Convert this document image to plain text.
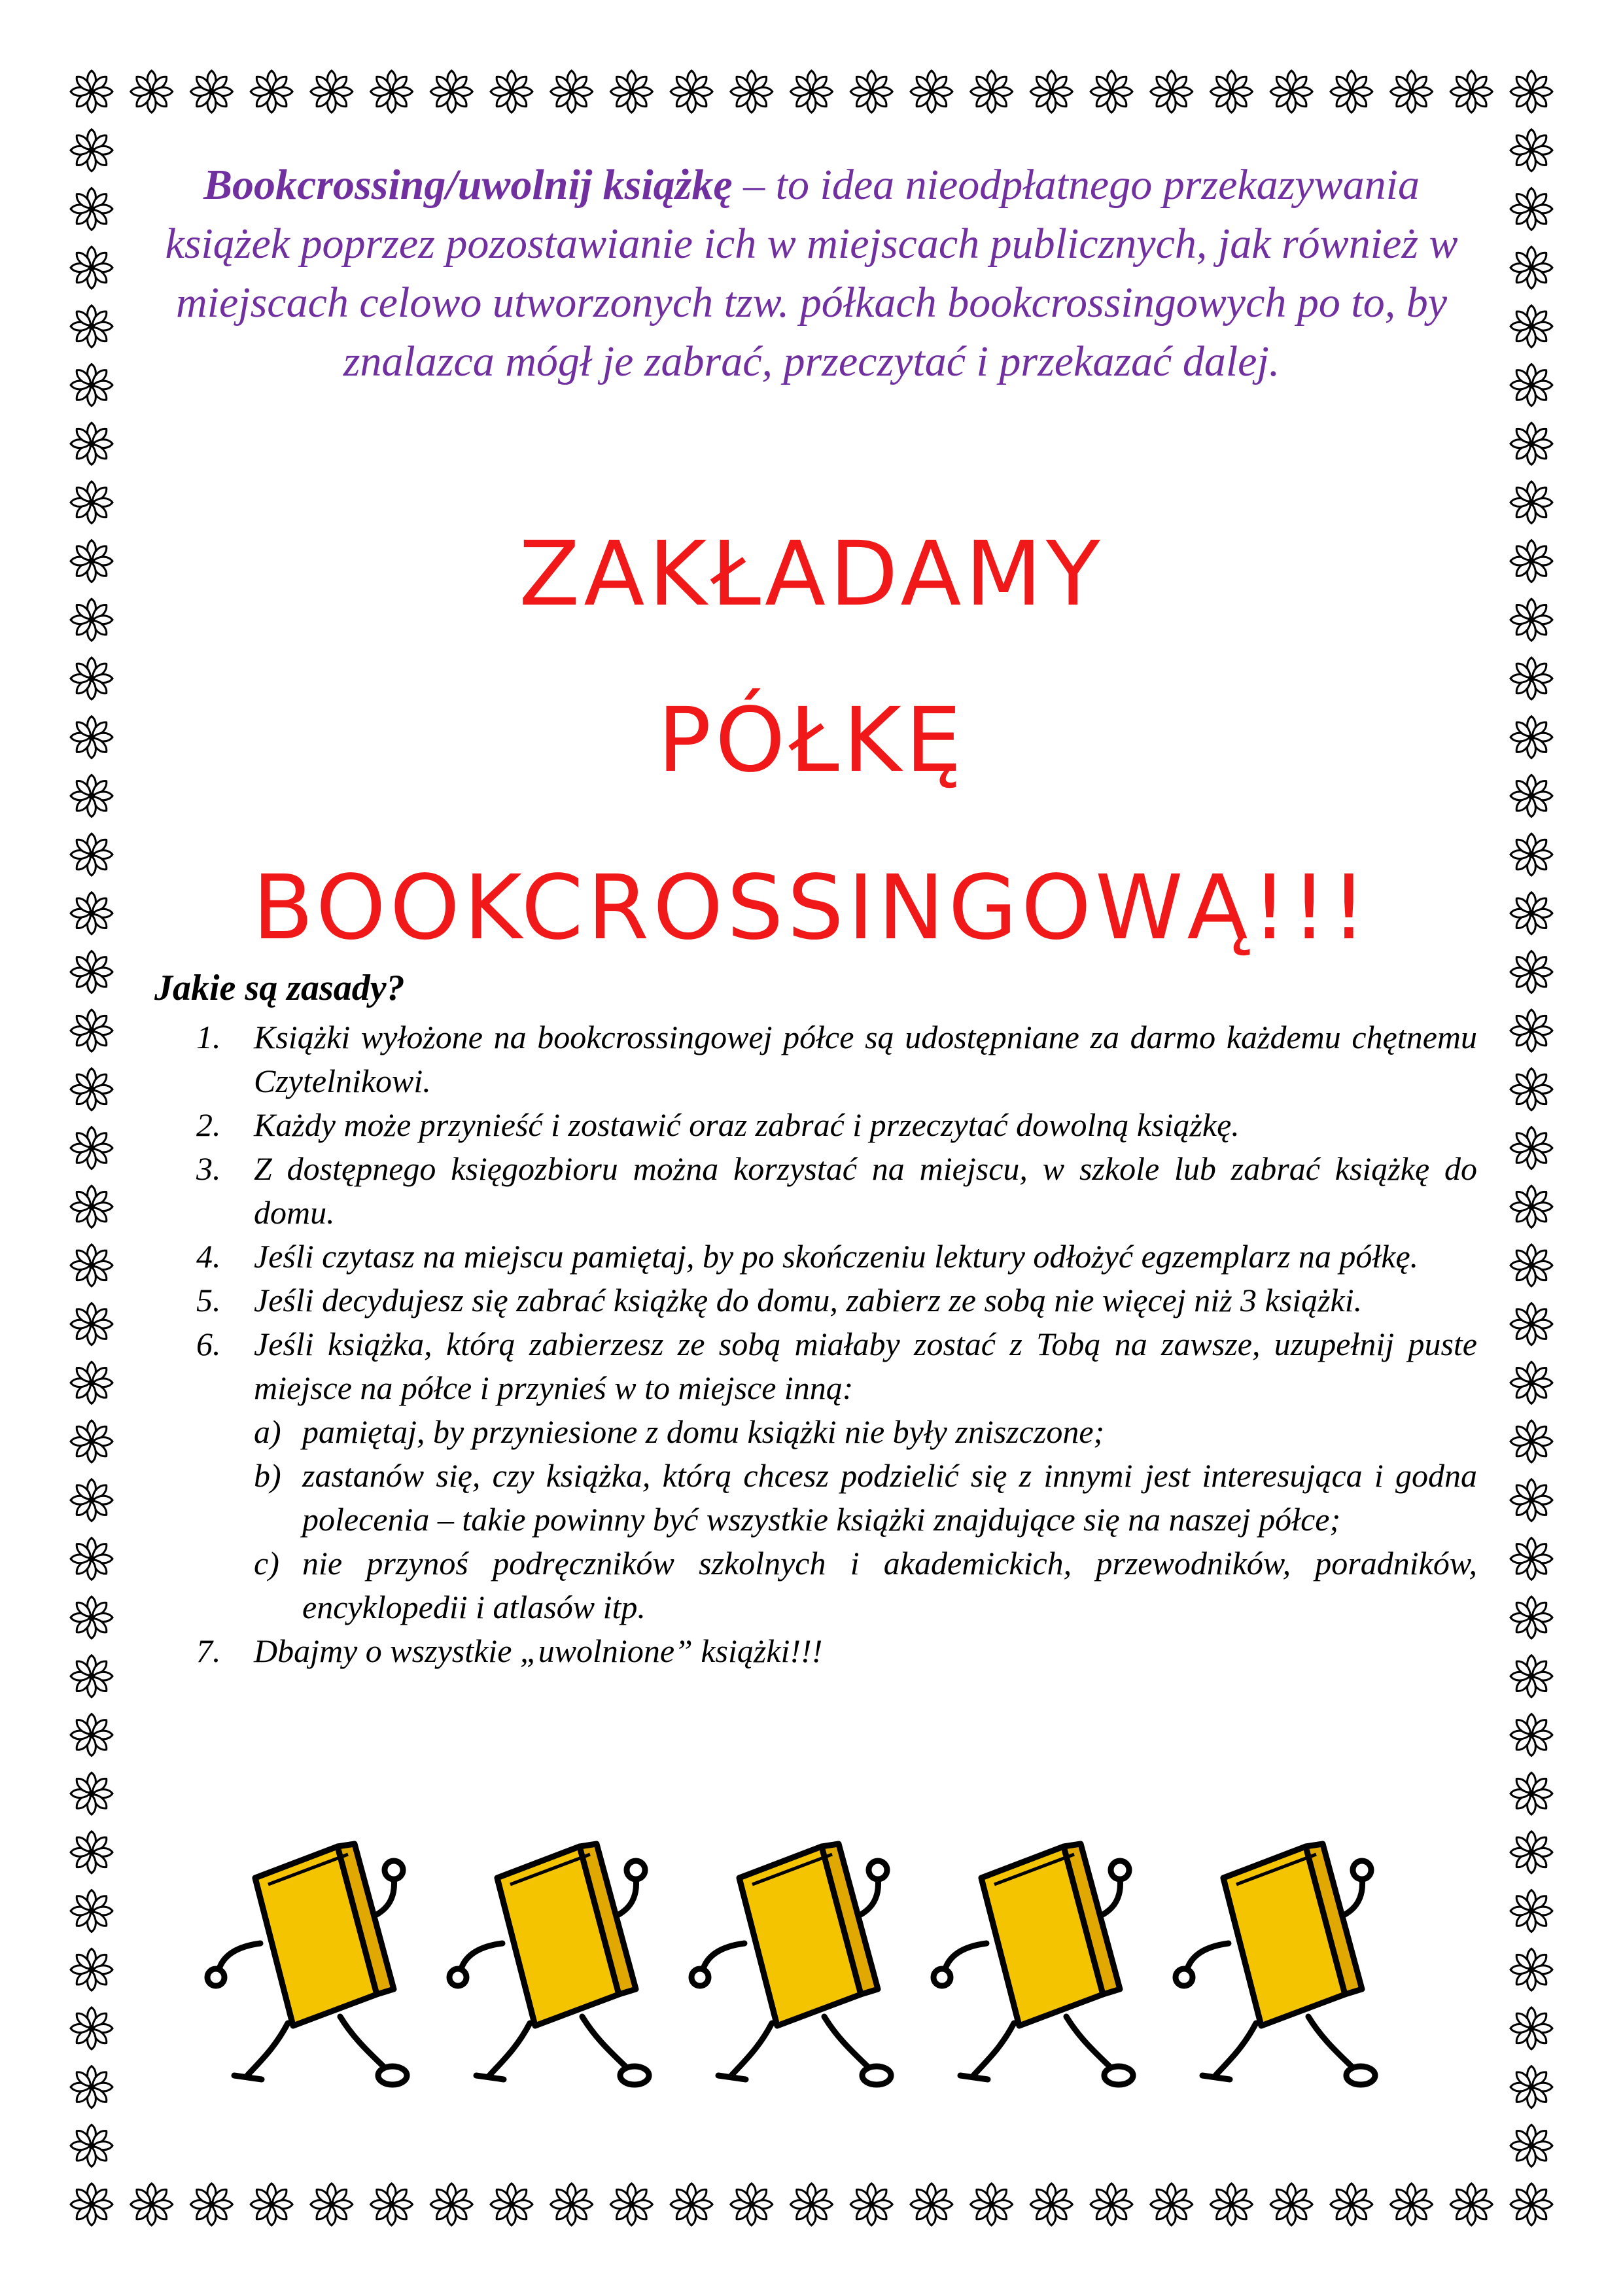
Bookcrossing/uwolnij książkę – to idea nieodpłatnego przekazywania książek poprzez pozostawianie ich w miejscach publicznych, jak również w miejscach celowo utworzonych tzw. półkach bookcrossingowych po to, by znalazca mógł je zabrać, przeczytać i przekazać dalej.
ZAKŁADAMY
PÓŁKĘ
BOOKCROSSINGOWĄ!!!
Jakie są zasady?
1.	Książki wyłożone na bookcrossingowej półce są udostępniane za darmo każdemu chętnemu Czytelnikowi.
2.	Każdy może przynieść i zostawić oraz zabrać i przeczytać dowolną książkę.
3.	Z dostępnego księgozbioru można korzystać na miejscu, w szkole lub zabrać książkę do domu.
4.	Jeśli czytasz na miejscu pamiętaj, by po skończeniu lektury odłożyć egzemplarz na półkę.
5.	Jeśli decydujesz się zabrać książkę do domu, zabierz ze sobą nie więcej niż 3 książki.
6.	Jeśli książka, którą zabierzesz ze sobą miałaby zostać z Tobą na zawsze, uzupełnij puste miejsce na półce i przynieś w to miejsce inną:
a) pamiętaj, by przyniesione z domu książki nie były zniszczone;
b) zastanów się, czy książka, którą chcesz podzielić się z innymi jest interesująca i godna polecenia – takie powinny być wszystkie książki znajdujące się na naszej półce;
c) nie przynoś podręczników szkolnych i akademickich, przewodników, poradników, encyklopedii i atlasów itp.
7.	Dbajmy o wszystkie „uwolnione” książki!!!
